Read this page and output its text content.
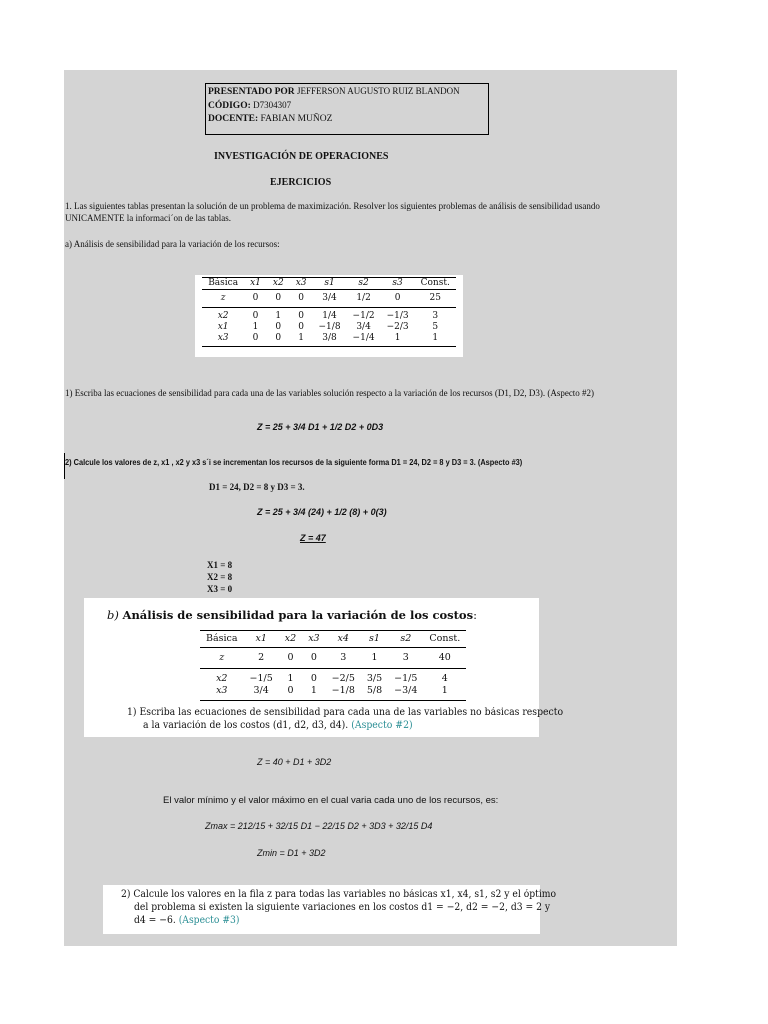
PRESENTADO POR JEFFERSON AUGUSTO RUIZ BLANDON
CÓDIGO: D7304307
DOCENTE: FABIAN MUÑOZ
INVESTIGACIÓN DE OPERACIONES
EJERCICIOS
1. Las siguientes tablas presentan la solución de un problema de maximización. Resolver los siguientes problemas de análisis de sensibilidad usando UNICAMENTE la informaci´on de las tablas.
a) Análisis de sensibilidad para la variación de los recursos:
Básica	x1	x2	x3	s1	s2	s3	Const.
z	0	0	0	3/4	1/2	0	25
x2	0	1	0	1/4	−1/2	−1/3	3
x1	1	0	0	−1/8	3/4	−2/3	5
x3	0	0	1	3/8	−1/4	1	1
1) Escriba las ecuaciones de sensibilidad para cada una de las variables solución respecto a la variación de los recursos (D1, D2, D3). (Aspecto #2)
Z = 25 + 3/4 D1 + 1/2 D2 + 0D3
2) Calcule los valores de z, x1 , x2 y x3 s´i se incrementan los recursos de la siguiente forma D1 = 24, D2 = 8 y D3 = 3. (Aspecto #3)
D1 = 24, D2 = 8 y D3 = 3.
Z = 25 + 3/4 (24) + 1/2 (8) + 0(3)
Z = 47
X1 = 8
X2 = 8
X3 = 0
b) Análisis de sensibilidad para la variación de los costos:
Básica	x1	x2	x3	x4	s1	s2	Const.
z	2	0	0	3	1	3	40
x2	−1/5	1	0	−2/5	3/5	−1/5	4
x3	3/4	0	1	−1/8	5/8	−3/4	1
1) Escriba las ecuaciones de sensibilidad para cada una de las variables no básicas respecto
a la variación de los costos (d1, d2, d3, d4). (Aspecto #2)
Z = 40 + D1 + 3D2
El valor mínimo y el valor máximo en el cual varia cada uno de los recursos, es:
Zmax = 212/15 + 32/15 D1 − 22/15 D2 + 3D3 + 32/15 D4
Zmin = D1 + 3D2
2) Calcule los valores en la fila z para todas las variables no básicas x1, x4, s1, s2 y el óptimo
del problema si existen la siguiente variaciones en los costos d1 = −2, d2 = −2, d3 = 2 y
d4 = −6. (Aspecto #3)
